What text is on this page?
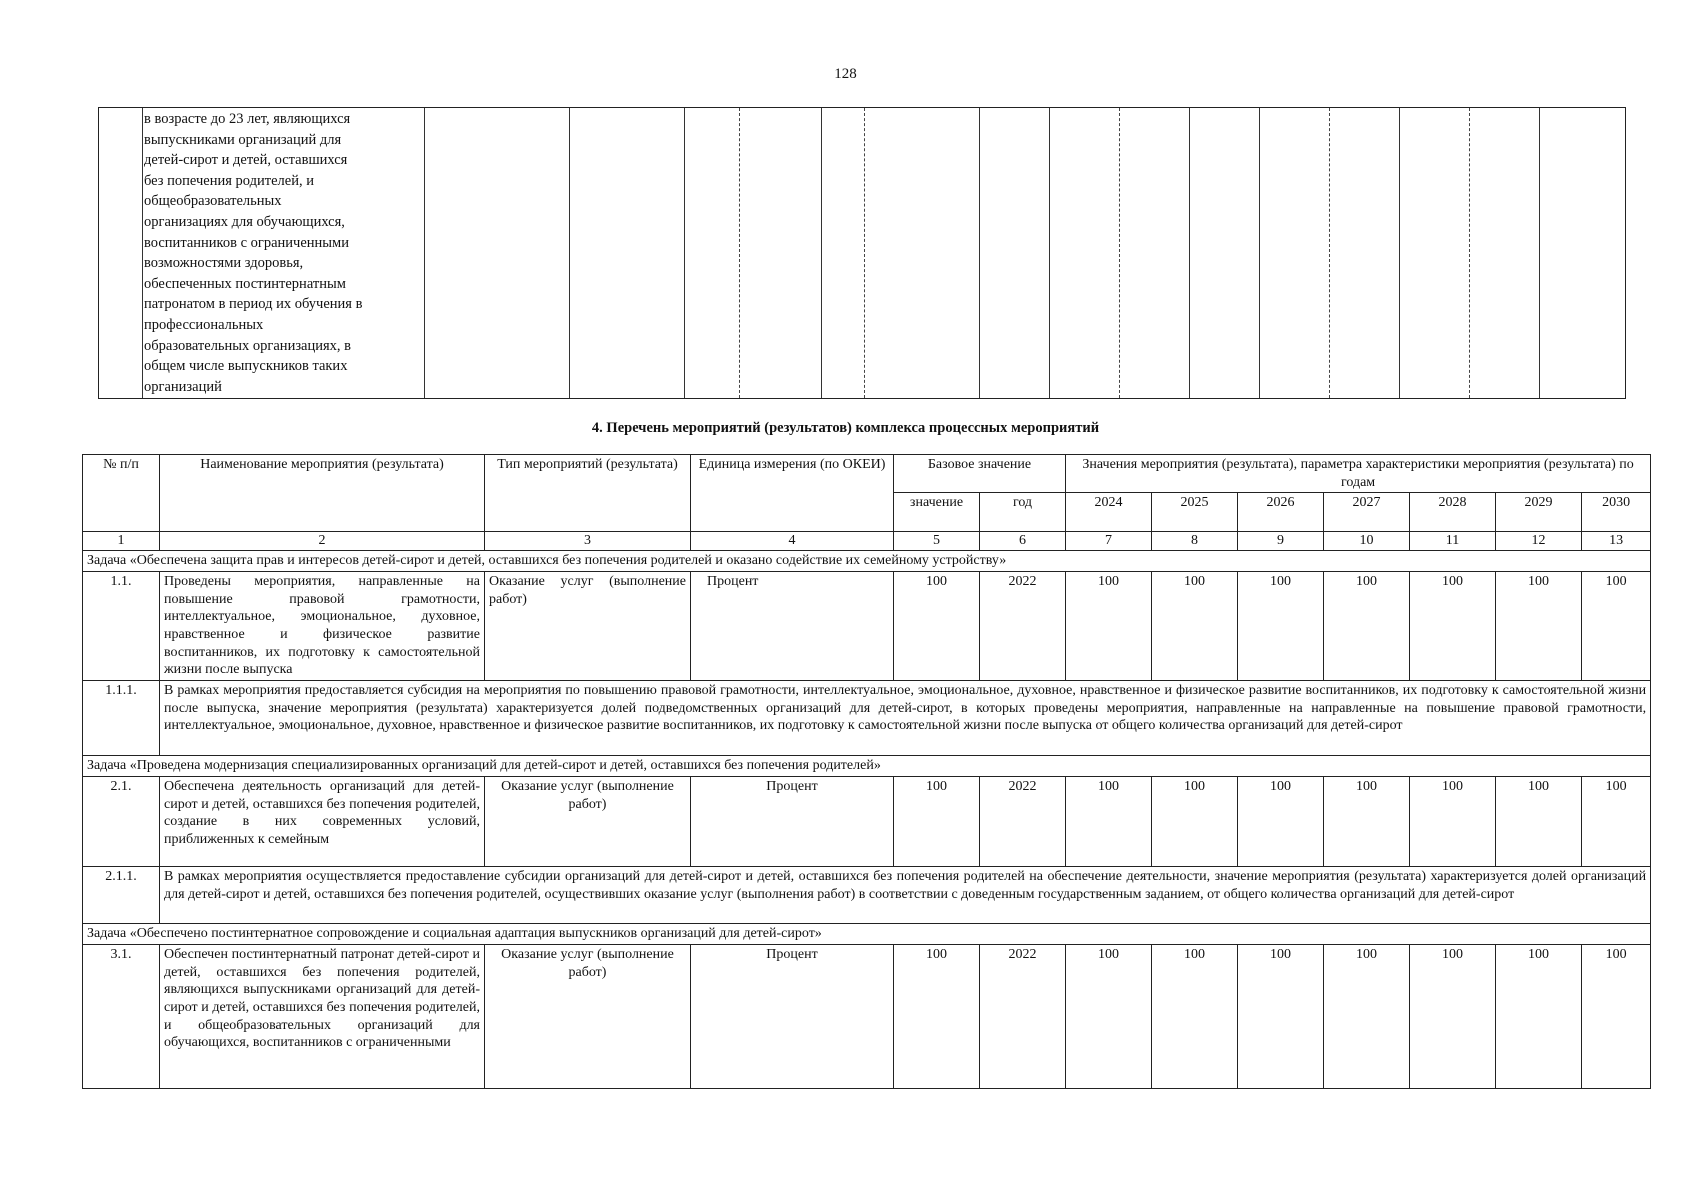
128
в возрасте до 23 лет, являющихся
выпускниками организаций для
детей-сирот и детей, оставшихся
без попечения родителей, и
общеобразовательных
организациях для обучающихся,
воспитанников с ограниченными
возможностями здоровья,
обеспеченных постинтернатным
патронатом в период их обучения в
профессиональных
образовательных организациях, в
общем числе выпускников таких
организаций
4. Перечень мероприятий (результатов) комплекса процессных мероприятий
№ п/п	Наименование мероприятия (результата)	Тип мероприятий (результата)	Единица измерения (по ОКЕИ)	Базовое значение		Значения мероприятия (результата), параметра характеристики мероприятия (результата) по годам						
				значение	год	2024	2025	2026	2027	2028	2029	2030
1	2	3	4	5	6	7	8	9	10	11	12	13
Задача «Обеспечена защита прав и интересов детей-сирот и детей, оставшихся без попечения родителей и оказано содействие их семейному устройству»												
1.1.	Проведены мероприятия, направленные на повышение правовой грамотности, интеллектуальное, эмоциональное, духовное, нравственное и физическое развитие воспитанников, их подготовку к самостоятельной жизни после выпуска	Оказание услуг (выполнение работ)	Процент	100	2022	100	100	100	100	100	100	100
1.1.1.	В рамках мероприятия предоставляется субсидия на мероприятия по повышению правовой грамотности, интеллектуальное, эмоциональное, духовное, нравственное и физическое развитие воспитанников, их подготовку к самостоятельной жизни после выпуска, значение мероприятия (результата) характеризуется долей подведомственных организаций для детей-сирот, в которых проведены мероприятия, направленные на направленные на повышение правовой грамотности, интеллектуальное, эмоциональное, духовное, нравственное и физическое развитие воспитанников, их подготовку к самостоятельной жизни после выпуска от общего количества организаций для детей-сирот											
Задача «Проведена модернизация специализированных организаций для детей-сирот и детей, оставшихся без попечения родителей»												
2.1.	Обеспечена деятельность организаций для детей-сирот и детей, оставшихся без попечения родителей, создание в них современных условий, приближенных к семейным	Оказание услуг (выполнение работ)	Процент	100	2022	100	100	100	100	100	100	100
2.1.1.	В рамках мероприятия осуществляется предоставление субсидии организаций для детей-сирот и детей, оставшихся без попечения родителей на обеспечение деятельности, значение мероприятия (результата) характеризуется долей организаций для детей-сирот и детей, оставшихся без попечения родителей, осуществивших оказание услуг (выполнения работ) в соответствии с доведенным государственным заданием, от общего количества организаций для детей-сирот											
Задача «Обеспечено постинтернатное сопровождение и социальная адаптация выпускников организаций для детей-сирот»												
3.1.	Обеспечен постинтернатный патронат детей-сирот и детей, оставшихся без попечения родителей, являющихся выпускниками организаций для детей-сирот и детей, оставшихся без попечения родителей, и общеобразовательных организаций для обучающихся, воспитанников с ограниченными	Оказание услуг (выполнение работ)	Процент	100	2022	100	100	100	100	100	100	100
